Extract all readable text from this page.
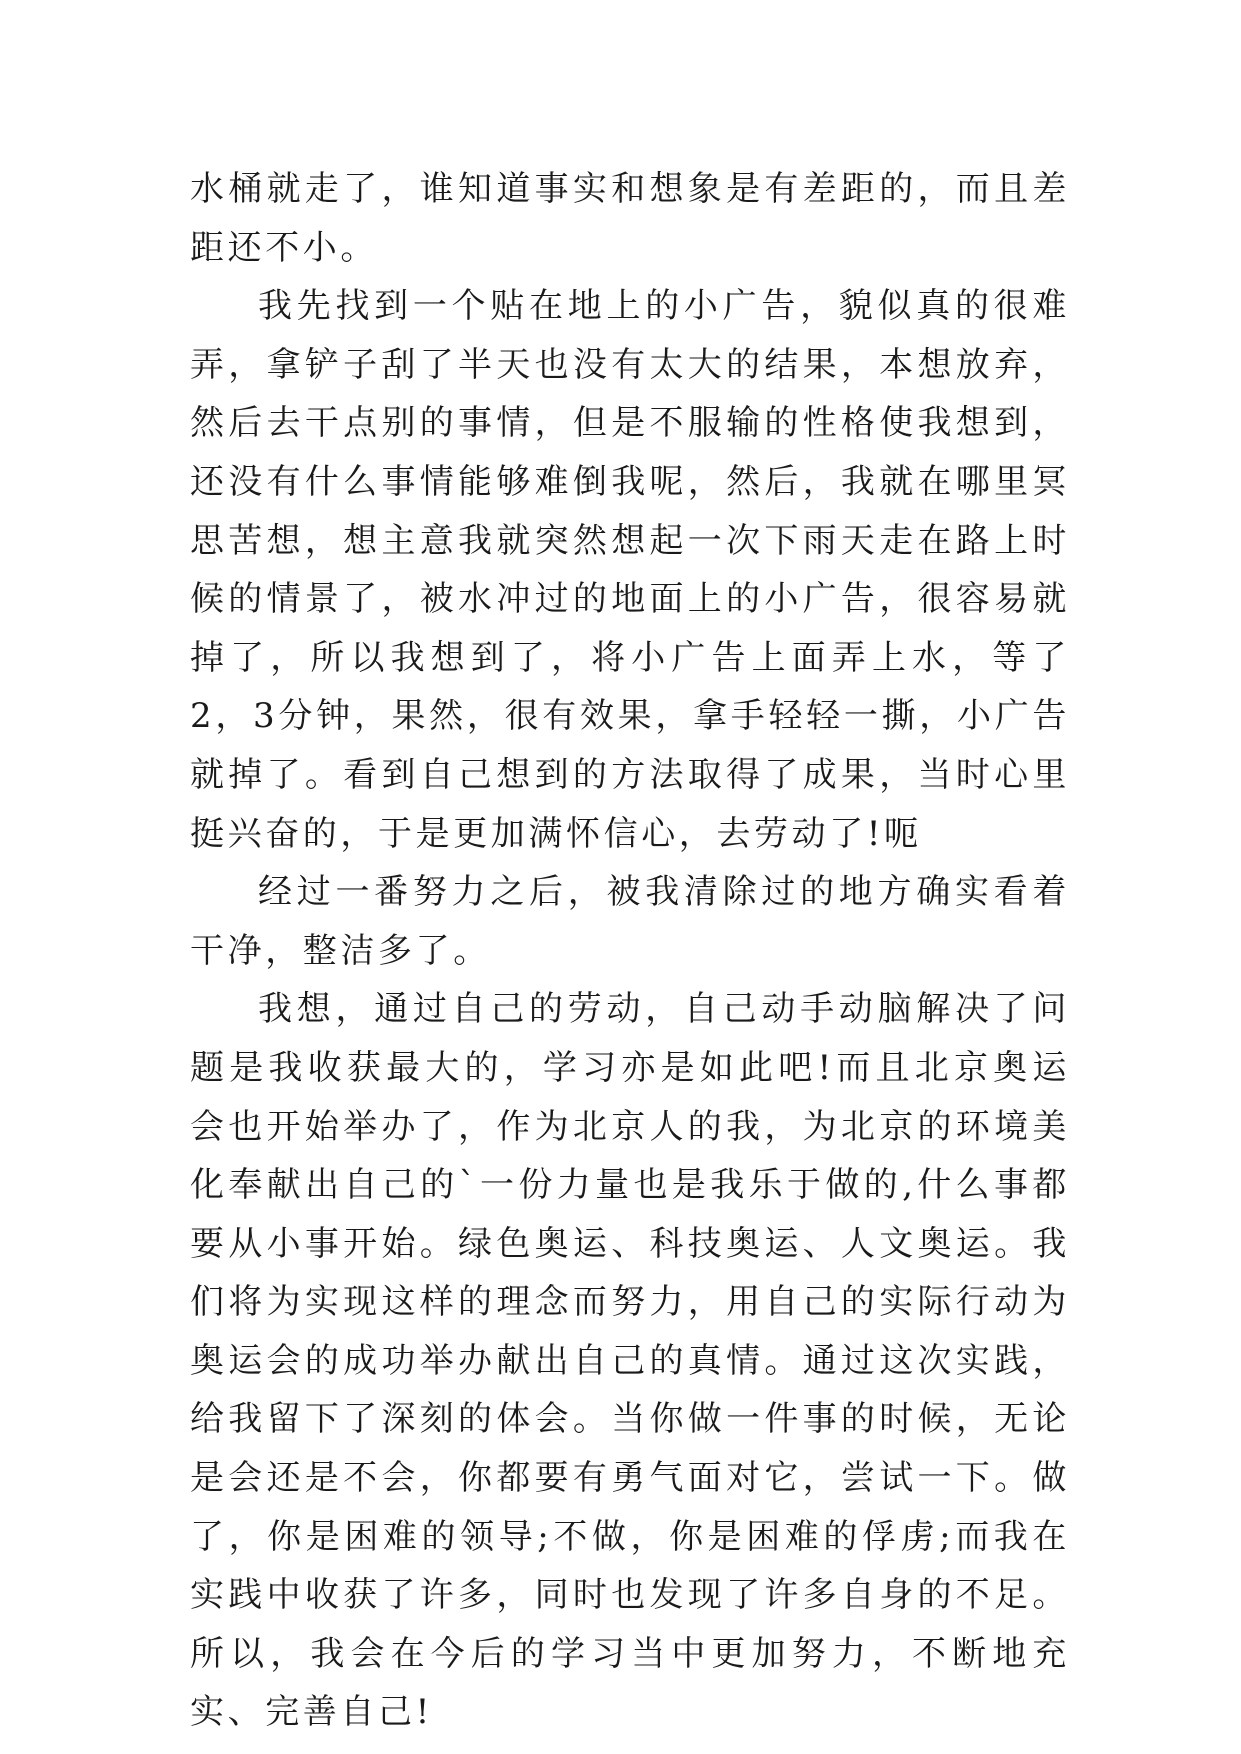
水桶就走了，谁知道事实和想象是有差距的，而且差距还不小。

我先找到一个贴在地上的小广告，貌似真的很难弄，拿铲子刮了半天也没有太大的结果，本想放弃，然后去干点别的事情，但是不服输的性格使我想到，还没有什么事情能够难倒我呢，然后，我就在哪里冥思苦想，想主意我就突然想起一次下雨天走在路上时候的情景了，被水冲过的地面上的小广告，很容易就掉了，所以我想到了，将小广告上面弄上水，等了2，3分钟，果然，很有效果，拿手轻轻一撕，小广告就掉了。看到自己想到的方法取得了成果，当时心里挺兴奋的，于是更加满怀信心，去劳动了!呃

经过一番努力之后，被我清除过的地方确实看着干净，整洁多了。

我想，通过自己的劳动，自己动手动脑解决了问题是我收获最大的，学习亦是如此吧!而且北京奥运会也开始举办了，作为北京人的我，为北京的环境美化奉献出自己的`一份力量也是我乐于做的,什么事都要从小事开始。绿色奥运、科技奥运、人文奥运。我们将为实现这样的理念而努力，用自己的实际行动为奥运会的成功举办献出自己的真情。通过这次实践，给我留下了深刻的体会。当你做一件事的时候，无论是会还是不会，你都要有勇气面对它，尝试一下。做了，你是困难的领导;不做，你是困难的俘虏;而我在实践中收获了许多，同时也发现了许多自身的不足。所以，我会在今后的学习当中更加努力，不断地充实、完善自己!
